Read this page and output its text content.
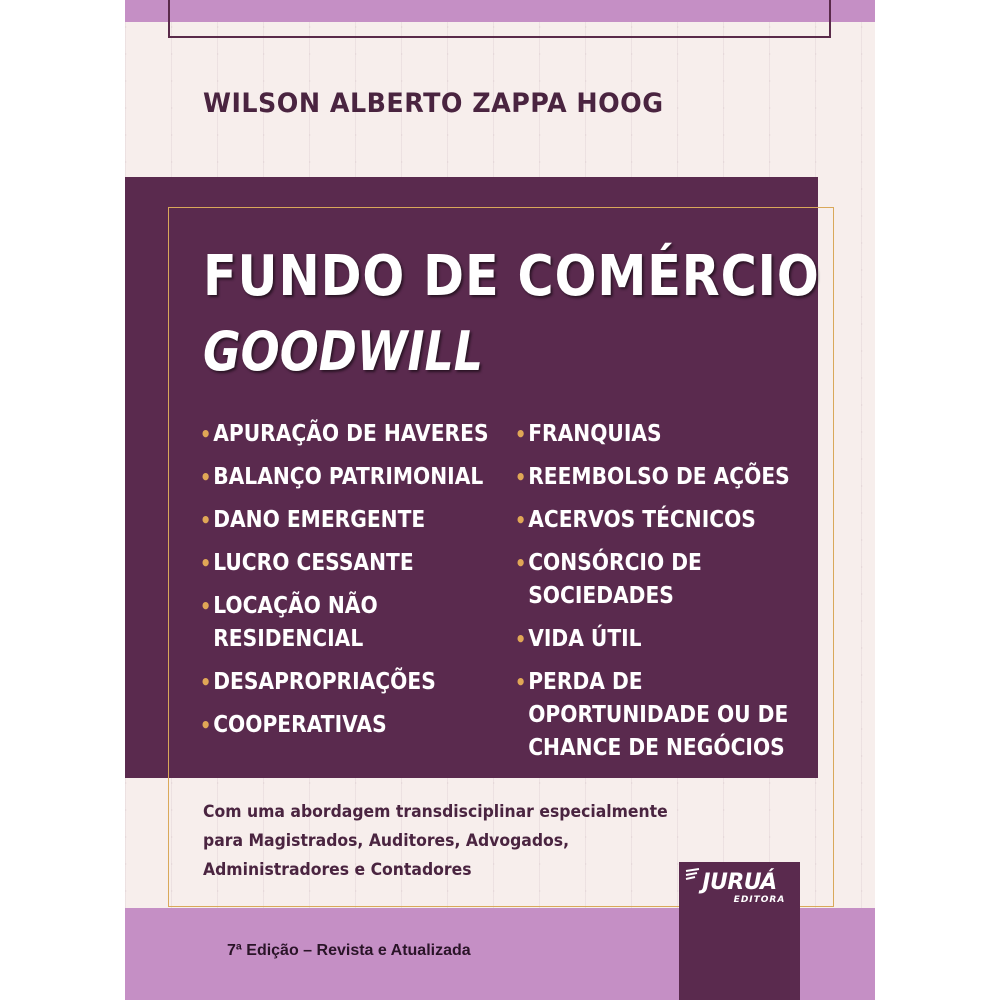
WILSON ALBERTO ZAPPA HOOG
FUNDO DE COMÉRCIO
GOODWILL
• APURAÇÃO DE HAVERES
• BALANÇO PATRIMONIAL
• DANO EMERGENTE
• LUCRO CESSANTE
• LOCAÇÃO NÃO
RESIDENCIAL
• DESAPROPRIAÇÕES
• COOPERATIVAS
• FRANQUIAS
• REEMBOLSO DE AÇÕES
• ACERVOS TÉCNICOS
• CONSÓRCIO DE
SOCIEDADES
• VIDA ÚTIL
• PERDA DE
OPORTUNIDADE OU DE
CHANCE DE NEGÓCIOS
Com uma abordagem transdisciplinar especialmente
para Magistrados, Auditores, Advogados,
Administradores e Contadores
7ª Edição – Revista e Atualizada
JURUÁ
EDITORA
